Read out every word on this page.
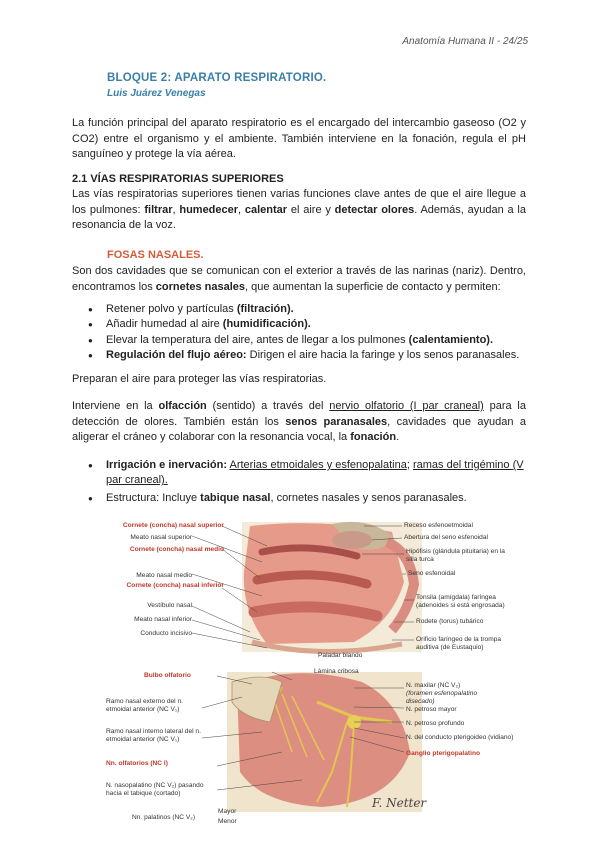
Anatomía Humana II - 24/25
BLOQUE 2: APARATO RESPIRATORIO.
Luis Juárez Venegas

La función principal del aparato respiratorio es el encargado del intercambio gaseoso (O2 y CO2) entre el organismo y el ambiente. También interviene en la fonación, regula el pH sanguíneo y protege la vía aérea.

2.1 VÍAS RESPIRATORIAS SUPERIORES

Las vías respiratorias superiores tienen varias funciones clave antes de que el aire llegue a los pulmones: filtrar, humedecer, calentar el aire y detectar olores. Además, ayudan a la resonancia de la voz.

FOSAS NASALES.

Son dos cavidades que se comunican con el exterior a través de las narinas (nariz). Dentro, encontramos los cornetes nasales, que aumentan la superficie de contacto y permiten:

● Retener polvo y partículas (filtración).
● Añadir humedad al aire (humidificación).
● Elevar la temperatura del aire, antes de llegar a los pulmones (calentamiento).
● Regulación del flujo aéreo: Dirigen el aire hacia la faringe y los senos paranasales.

Preparan el aire para proteger las vías respiratorias.

Interviene en la olfacción (sentido) a través del nervio olfatorio (I par craneal) para la detección de olores. También están los senos paranasales, cavidades que ayudan a aligerar el cráneo y colaborar con la resonancia vocal, la fonación.

● Irrigación e inervación: Arterias etmoidales y esfenopalatina; ramas del trigémino (V par craneal).
● Estructura: Incluye tabique nasal, cornetes nasales y senos paranasales.
Cornete (concha) nasal superior
Meato nasal superior
Cornete (concha) nasal medio
Meato nasal medio
Cornete (concha) nasal inferior
Vestíbulo nasal
Meato nasal inferior
Conducto incisivo
Receso esfenoetmoidal
Abertura del seno esfenoidal
Hipófisis (glándula pituitaria) en la silla turca
Seno esfenoidal
Tonsila (amígdala) faríngea (adenoides si está engrosada)
Rodete (torus) tubárico
Orificio faríngeo de la trompa auditiva (de Eustaquio)
Paladar blando
Bulbo olfatorio
Ramo nasal externo del n. etmoidal anterior (NC V₁)
Ramo nasal interno lateral del n. etmoidal anterior (NC V₁)
Nn. olfatorios (NC I)
N. nasopalatino (NC V₂) pasando hacia el tabique (cortado)
Nn. palatinos (NC V₂)
Mayor
Menor
Lámina cribosa
N. maxilar (NC V₂)
(foramen esfenopalatino disecado)
N. petroso mayor
N. petroso profundo
N. del conducto pterigoideo (vidiano)
Ganglio pterigopalatino
F. Netter
